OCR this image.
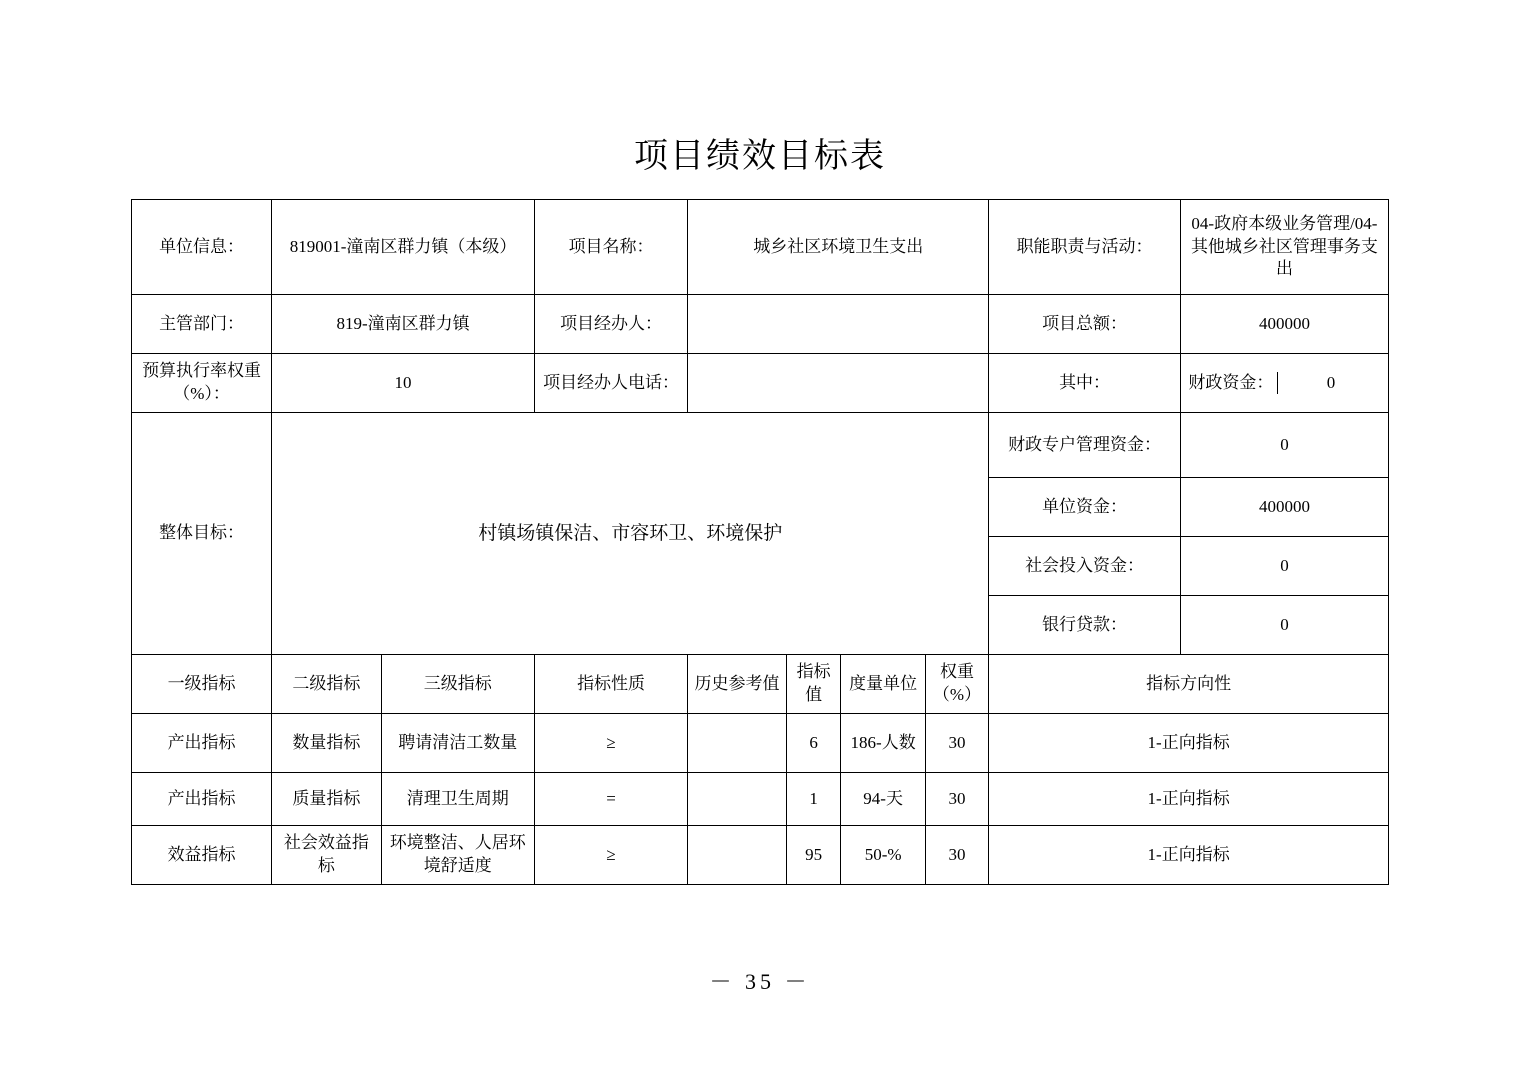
项目绩效目标表
单位信息：	819001-潼南区群力镇（本级）	项目名称：	城乡社区环境卫生支出	职能职责与活动：	04-政府本级业务管理/04-其他城乡社区管理事务支出
主管部门：	819-潼南区群力镇	项目经办人：		项目总额：	400000
预算执行率权重（%）：	10	项目经办人电话：		其中：		财政资金：	0

整体目标：	村镇场镇保洁、市容环卫、环境保护	财政专户管理资金：	0
单位资金：	400000
社会投入资金：	0
银行贷款：	0
一级指标	二级指标	三级指标	指标性质	历史参考值	指标值	度量单位	权重（%）	指标方向性
产出指标	数量指标	聘请清洁工数量	≥		6	186-人数	30	1-正向指标
产出指标	质量指标	清理卫生周期	=		1	94-天	30	1-正向指标
效益指标	社会效益指标	环境整洁、人居环境舒适度	≥		95	50-%	30	1-正向指标
－ 35 －
